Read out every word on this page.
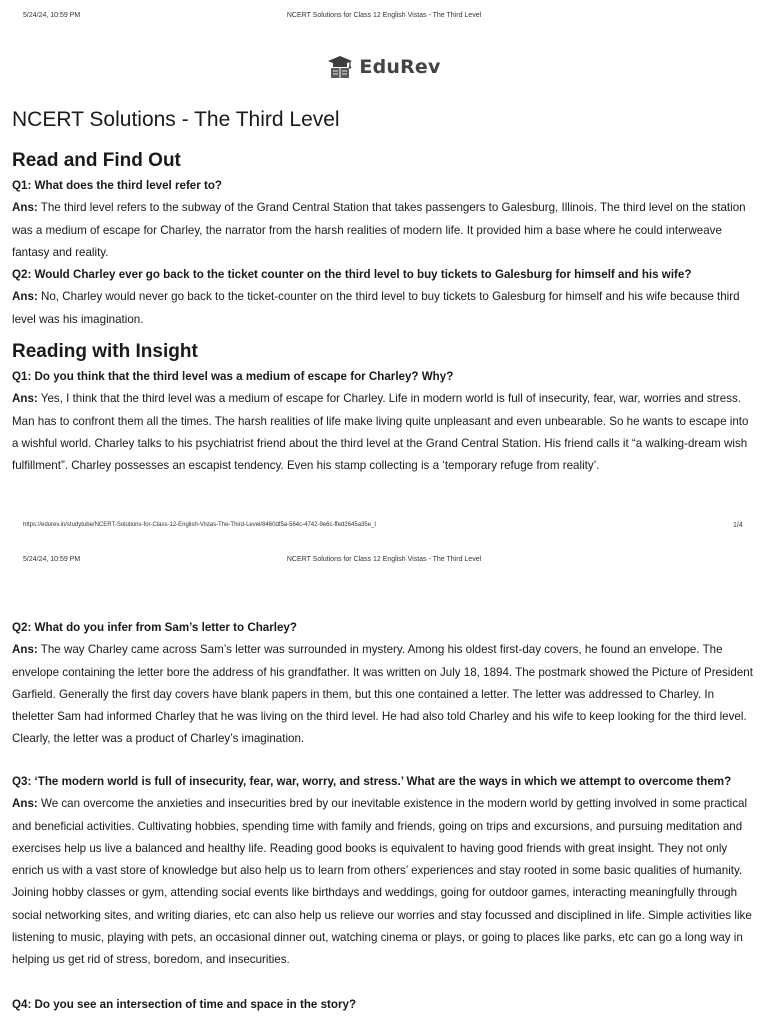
5/24/24, 10:59 PM	NCERT Solutions for Class 12 English Vistas - The Third Level
EduRev
NCERT Solutions - The Third Level
Read and Find Out

Q1: What does the third level refer to?

Ans: The third level refers to the subway of the Grand Central Station that takes passengers to Galesburg, Illinois. The third level on the station was a medium of escape for Charley, the narrator from the harsh realities of modern life. It provided him a base where he could interweave fantasy and reality.

Q2: Would Charley ever go back to the ticket counter on the third level to buy tickets to Galesburg for himself and his wife?

Ans: No, Charley would never go back to the ticket-counter on the third level to buy tickets to Galesburg for himself and his wife because third level was his imagination.

Reading with Insight

Q1: Do you think that the third level was a medium of escape for Charley? Why?

Ans: Yes, I think that the third level was a medium of escape for Charley. Life in modern world is full of insecurity, fear, war, worries and stress. Man has to confront them all the times. The harsh realities of life make living quite unpleasant and even unbearable. So he wants to escape into a wishful world. Charley talks to his psychiatrist friend about the third level at the Grand Central Station. His friend calls it “a walking-dream wish fulfillment”. Charley possesses an escapist tendency. Even his stamp collecting is a ‘temporary refuge from reality’.

https://edurev.in/studytube/NCERT-Solutions-for-Class-12-English-Vistas-The-Third-Level/8460df5a-564c-4742-9e6c-ffed2645a35e_t	1/4
5/24/24, 10:59 PM	NCERT Solutions for Class 12 English Vistas - The Third Level

Q2: What do you infer from Sam’s letter to Charley?

Ans: The way Charley came across Sam’s letter was surrounded in mystery. Among his oldest first-day covers, he found an envelope. The envelope containing the letter bore the address of his grandfather. It was written on July 18, 1894. The postmark showed the Picture of President Garfield. Generally the first day covers have blank papers in them, but this one contained a letter. The letter was addressed to Charley. In theletter Sam had informed Charley that he was living on the third level. He had also told Charley and his wife to keep looking for the third level. Clearly, the letter was a product of Charley’s imagination.

Q3: ‘The modern world is full of insecurity, fear, war, worry, and stress.’ What are the ways in which we attempt to overcome them?

Ans: We can overcome the anxieties and insecurities bred by our inevitable existence in the modern world by getting involved in some practical and beneficial activities. Cultivating hobbies, spending time with family and friends, going on trips and excursions, and pursuing meditation and exercises help us live a balanced and healthy life. Reading good books is equivalent to having good friends with great insight. They not only enrich us with a vast store of knowledge but also help us to learn from others’ experiences and stay rooted in some basic qualities of humanity. Joining hobby classes or gym, attending social events like birthdays and weddings, going for outdoor games, interacting meaningfully through social networking sites, and writing diaries, etc can also help us relieve our worries and stay focussed and disciplined in life. Simple activities like listening to music, playing with pets, an occasional dinner out, watching cinema or plays, or going to places like parks, etc can go a long way in helping us get rid of stress, boredom, and insecurities.

Q4: Do you see an intersection of time and space in the story?
